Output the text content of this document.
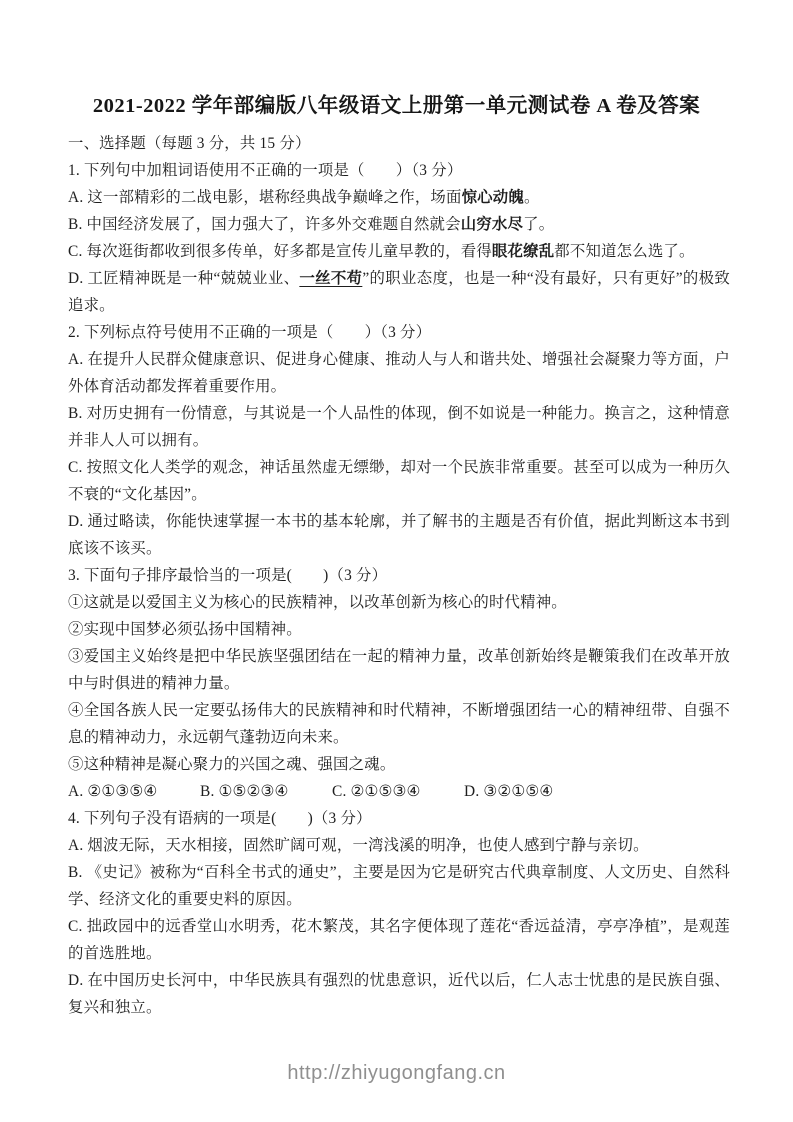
2021-2022 学年部编版八年级语文上册第一单元测试卷 A 卷及答案

一、选择题（每题 3 分，共 15 分）

1. 下列句中加粗词语使用不正确的一项是（　　）（3 分）

A. 这一部精彩的二战电影，堪称经典战争巅峰之作，场面惊心动魄。

B. 中国经济发展了，国力强大了，许多外交难题自然就会山穷水尽了。

C. 每次逛街都收到很多传单，好多都是宣传儿童早教的，看得眼花缭乱都不知道怎么选了。

D. 工匠精神既是一种“兢兢业业、一丝不苟”的职业态度，也是一种“没有最好，只有更好”的极致追求。

2. 下列标点符号使用不正确的一项是（　　）（3 分）

A. 在提升人民群众健康意识、促进身心健康、推动人与人和谐共处、增强社会凝聚力等方面，户外体育活动都发挥着重要作用。

B. 对历史拥有一份情意，与其说是一个人品性的体现，倒不如说是一种能力。换言之，这种情意并非人人可以拥有。

C. 按照文化人类学的观念，神话虽然虚无缥缈，却对一个民族非常重要。甚至可以成为一种历久不衰的“文化基因”。

D. 通过略读，你能快速掌握一本书的基本轮廓，并了解书的主题是否有价值，据此判断这本书到底该不该买。

3. 下面句子排序最恰当的一项是(　　)（3 分）

①这就是以爱国主义为核心的民族精神，以改革创新为核心的时代精神。

②实现中国梦必须弘扬中国精神。

③爱国主义始终是把中华民族坚强团结在一起的精神力量，改革创新始终是鞭策我们在改革开放中与时俱进的精神力量。

④全国各族人民一定要弘扬伟大的民族精神和时代精神，不断增强团结一心的精神纽带、自强不息的精神动力，永远朝气蓬勃迈向未来。

⑤这种精神是凝心聚力的兴国之魂、强国之魂。

A. ②①③⑤④	B. ①⑤②③④	C. ②①⑤③④	D. ③②①⑤④

4. 下列句子没有语病的一项是(　　)（3 分）

A. 烟波无际，天水相接，固然旷阔可观，一湾浅溪的明净，也使人感到宁静与亲切。

B. 《史记》被称为“百科全书式的通史”，主要是因为它是研究古代典章制度、人文历史、自然科学、经济文化的重要史料的原因。

C. 拙政园中的远香堂山水明秀，花木繁茂，其名字便体现了莲花“香远益清，亭亭净植”，是观莲的首选胜地。

D. 在中国历史长河中，中华民族具有强烈的忧患意识，近代以后，仁人志士忧患的是民族自强、复兴和独立。

http://zhiyugongfang.cn
